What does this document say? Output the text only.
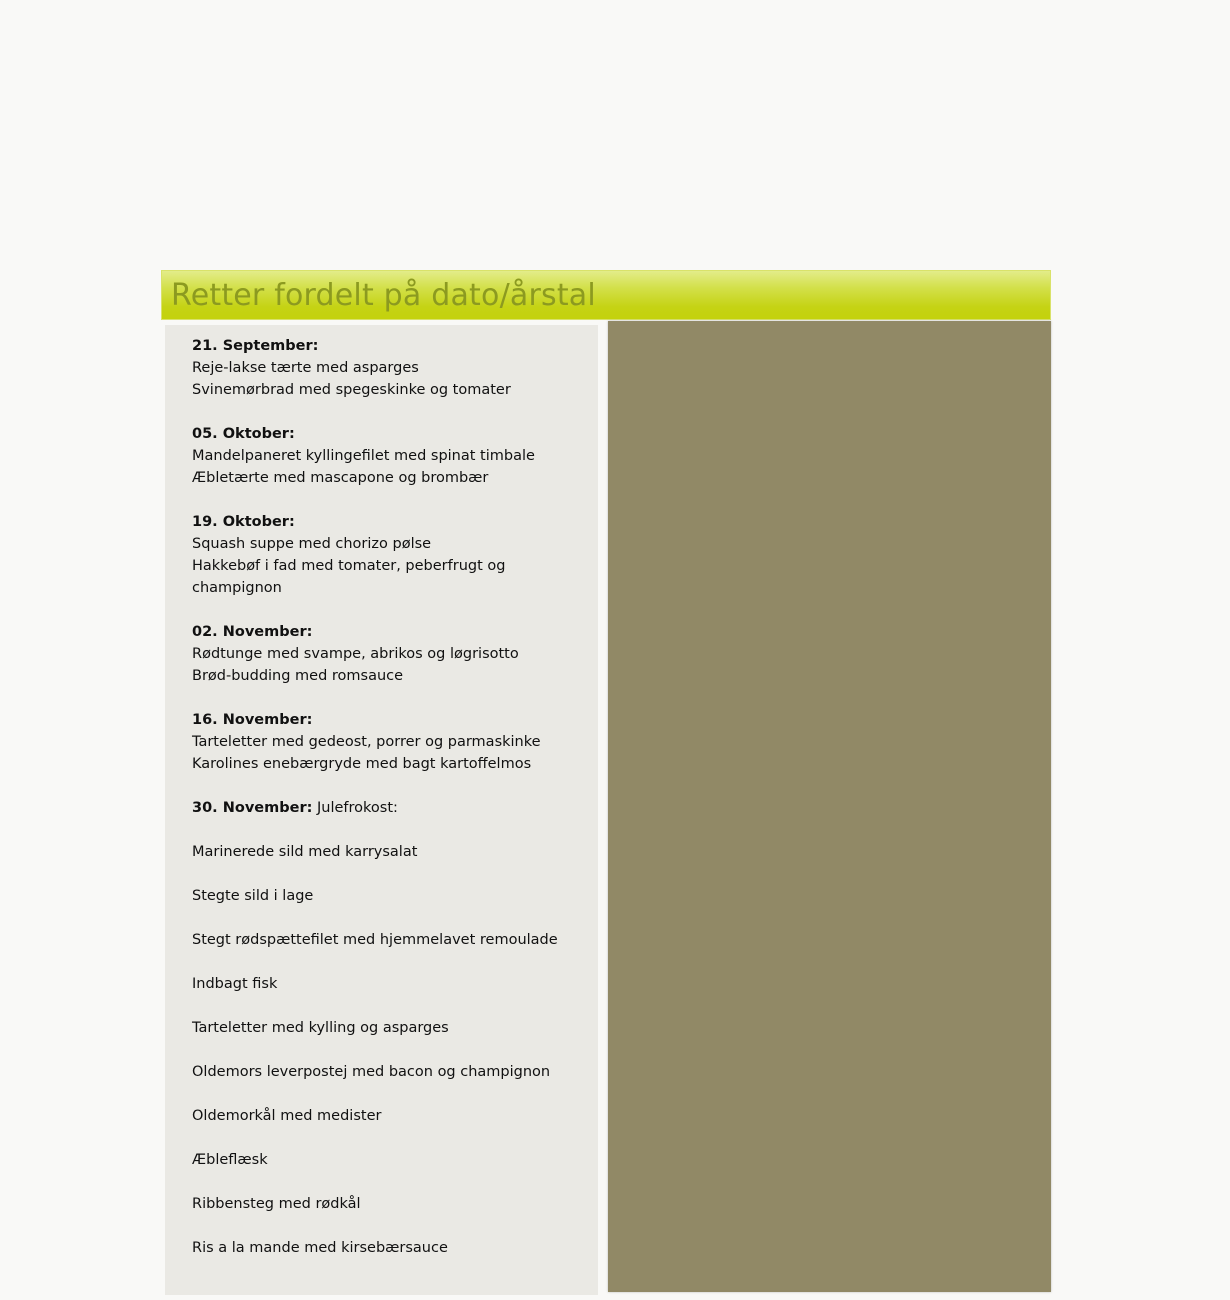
Retter fordelt på dato/årstal
21. September:
Reje-lakse tærte med asparges
Svinemørbrad med spegeskinke og tomater
05. Oktober:
Mandelpaneret kyllingefilet med spinat timbale
Æbletærte med mascapone og brombær
19. Oktober:
Squash suppe med chorizo pølse
Hakkebøf i fad med tomater, peberfrugt og champignon
02. November:
Rødtunge med svampe, abrikos og løgrisotto
Brød-budding med romsauce
16. November:
Tarteletter med gedeost, porrer og parmaskinke
Karolines enebærgryde med bagt kartoffelmos
30. November: Julefrokost:
Marinerede sild med karrysalat
Stegte sild i lage
Stegt rødspættefilet med hjemmelavet remoulade
Indbagt fisk
Tarteletter med kylling og asparges
Oldemors leverpostej med bacon og champignon
Oldemorkål med medister
Æbleflæsk
Ribbensteg med rødkål
Ris a la mande med kirsebærsauce
